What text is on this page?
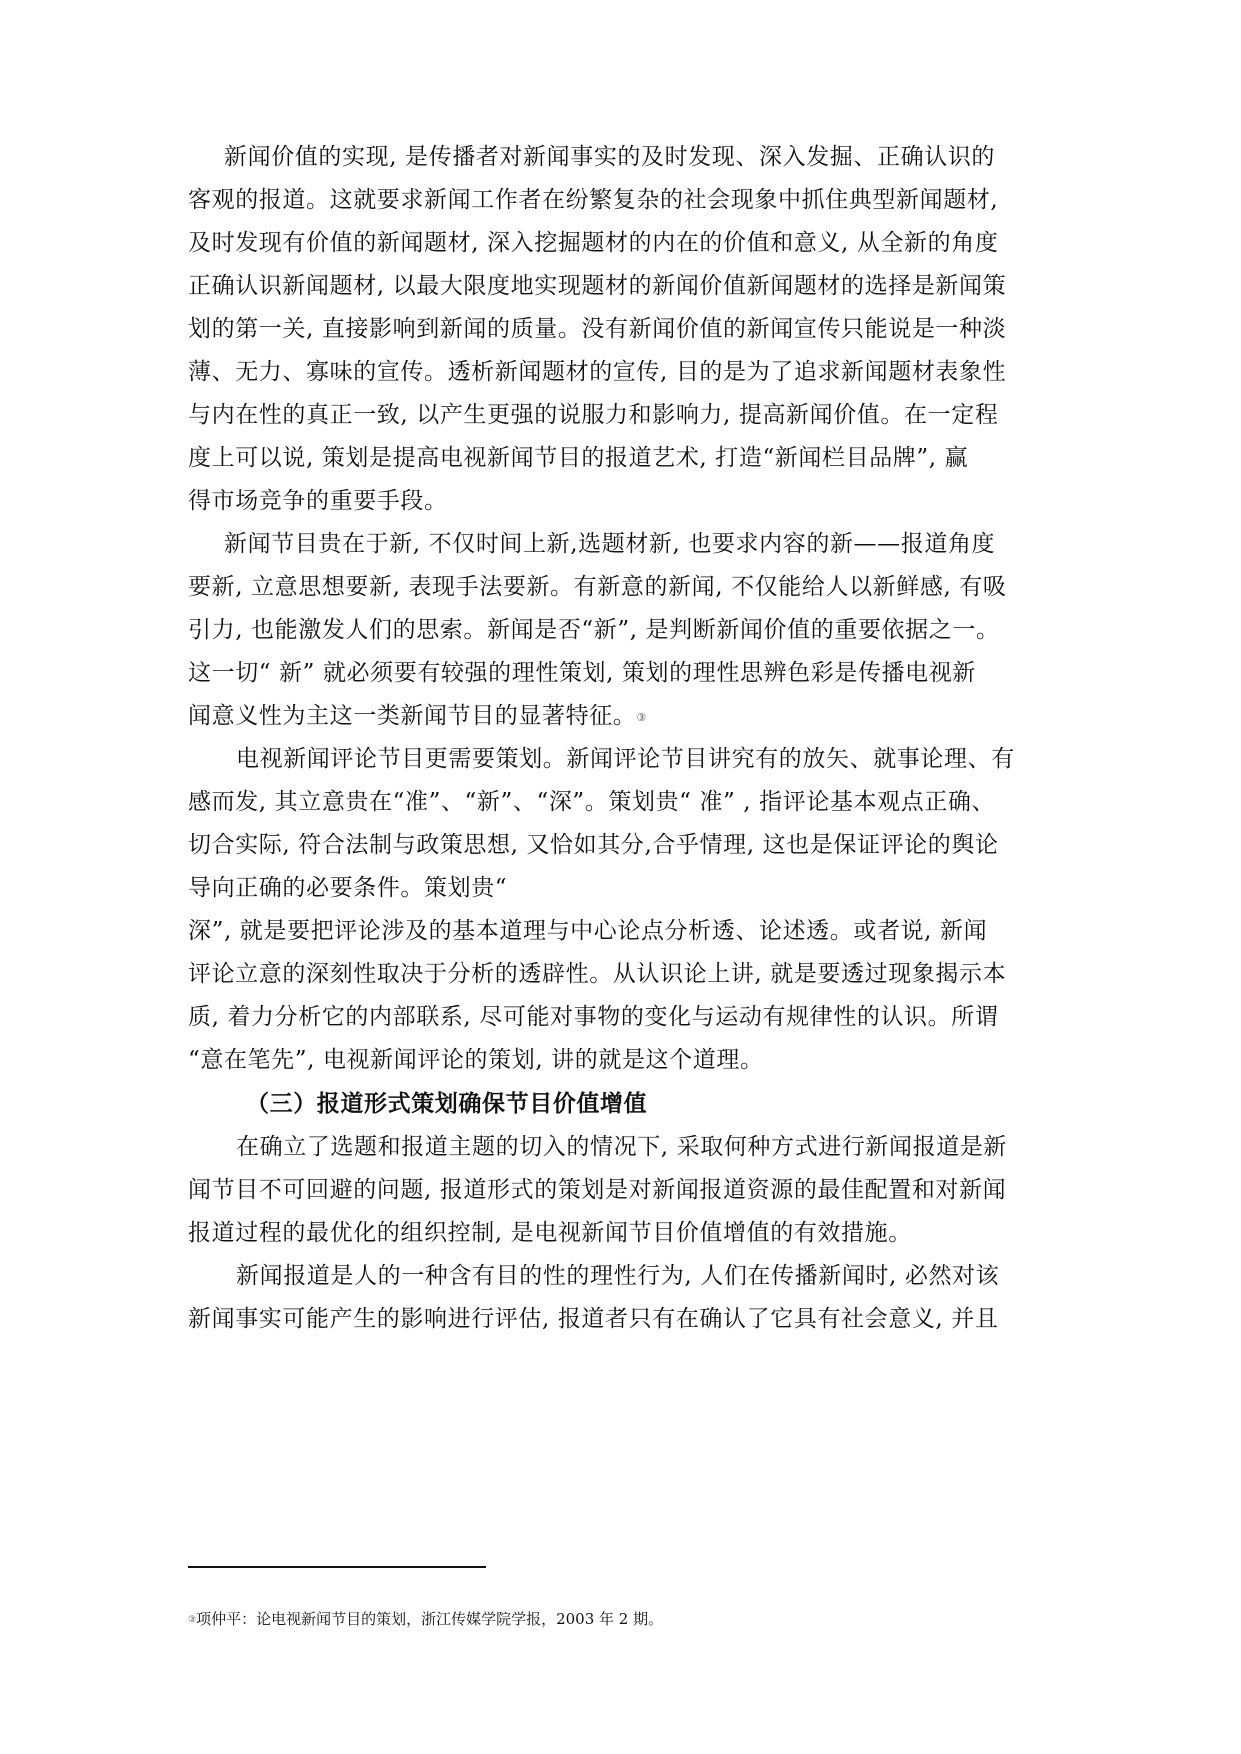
新闻价值的实现, 是传播者对新闻事实的及时发现、深入发掘、正确认识的
客观的报道。这就要求新闻工作者在纷繁复杂的社会现象中抓住典型新闻题材,
及时发现有价值的新闻题材, 深入挖掘题材的内在的价值和意义, 从全新的角度
正确认识新闻题材, 以最大限度地实现题材的新闻价值新闻题材的选择是新闻策
划的第一关, 直接影响到新闻的质量。没有新闻价值的新闻宣传只能说是一种淡
薄、无力、寡味的宣传。透析新闻题材的宣传, 目的是为了追求新闻题材表象性
与内在性的真正一致, 以产生更强的说服力和影响力, 提高新闻价值。在一定程
度上可以说, 策划是提高电视新闻节目的报道艺术, 打造“新闻栏目品牌”, 赢
得市场竞争的重要手段。
新闻节目贵在于新, 不仅时间上新,选题材新, 也要求内容的新——报道角度
要新, 立意思想要新, 表现手法要新。有新意的新闻, 不仅能给人以新鲜感, 有吸
引力, 也能激发人们的思索。新闻是否“新”, 是判断新闻价值的重要依据之一。
这一切“ 新” 就必须要有较强的理性策划, 策划的理性思辨色彩是传播电视新
闻意义性为主这一类新闻节目的显著特征。③
电视新闻评论节目更需要策划。新闻评论节目讲究有的放矢、就事论理、有
感而发, 其立意贵在“准”、“新”、“深”。策划贵“ 准” , 指评论基本观点正确、
切合实际, 符合法制与政策思想, 又恰如其分,合乎情理, 这也是保证评论的舆论
导向正确的必要条件。策划贵“
深”, 就是要把评论涉及的基本道理与中心论点分析透、论述透。或者说, 新闻
评论立意的深刻性取决于分析的透辟性。从认识论上讲, 就是要透过现象揭示本
质, 着力分析它的内部联系, 尽可能对事物的变化与运动有规律性的认识。所谓
“意在笔先”, 电视新闻评论的策划, 讲的就是这个道理。
（三）报道形式策划确保节目价值增值
在确立了选题和报道主题的切入的情况下, 采取何种方式进行新闻报道是新
闻节目不可回避的问题, 报道形式的策划是对新闻报道资源的最佳配置和对新闻
报道过程的最优化的组织控制, 是电视新闻节目价值增值的有效措施。
新闻报道是人的一种含有目的性的理性行为, 人们在传播新闻时, 必然对该
新闻事实可能产生的影响进行评估, 报道者只有在确认了它具有社会意义, 并且
③项仲平：论电视新闻节目的策划，浙江传媒学院学报，2003 年 2 期。
